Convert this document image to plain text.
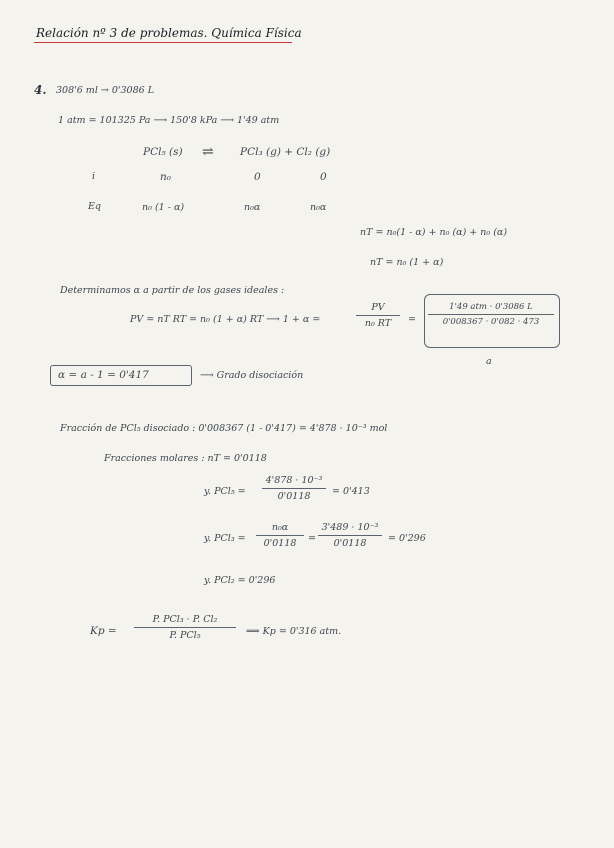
Relación nº 3 de problemas. Química Física
4. 308'6 ml → 0'3086 L
1 atm = 101325 Pa ⟶ 150'8 kPa ⟶ 1'49 atm
PCl₅ (s) ⇌	PCl₃ (g) + Cl₂ (g)
i	n₀	0	0
Eq	n₀ (1 - α)	n₀α	n₀α
nT = n₀(1 - α) + n₀ (α) + n₀ (α)
nT = n₀ (1 + α)
Determinamos α a partir de los gases ideales :
PV = nT RT = n₀ (1 + α) RT ⟶ 1 + α =
PV
n₀ RT	=
1'49 atm · 0'3086 L
0'008367 · 0'082 · 473
a
α = a - 1 = 0'417	⟶ Grado disociación
Fracción de PCl₅ disociado : 0'008367 (1 - 0'417) = 4'878 · 10⁻³ mol
Fracciones molares : nT = 0'0118
y. PCl₅ =
4'878 · 10⁻³
0'0118	= 0'413
y. PCl₃ =
n₀α
0'0118	=
3'489 · 10⁻³
0'0118	= 0'296
y. PCl₂ = 0'296
Kp =
P. PCl₃ · P. Cl₂
P. PCl₅	⟹ Kp = 0'316 atm.
